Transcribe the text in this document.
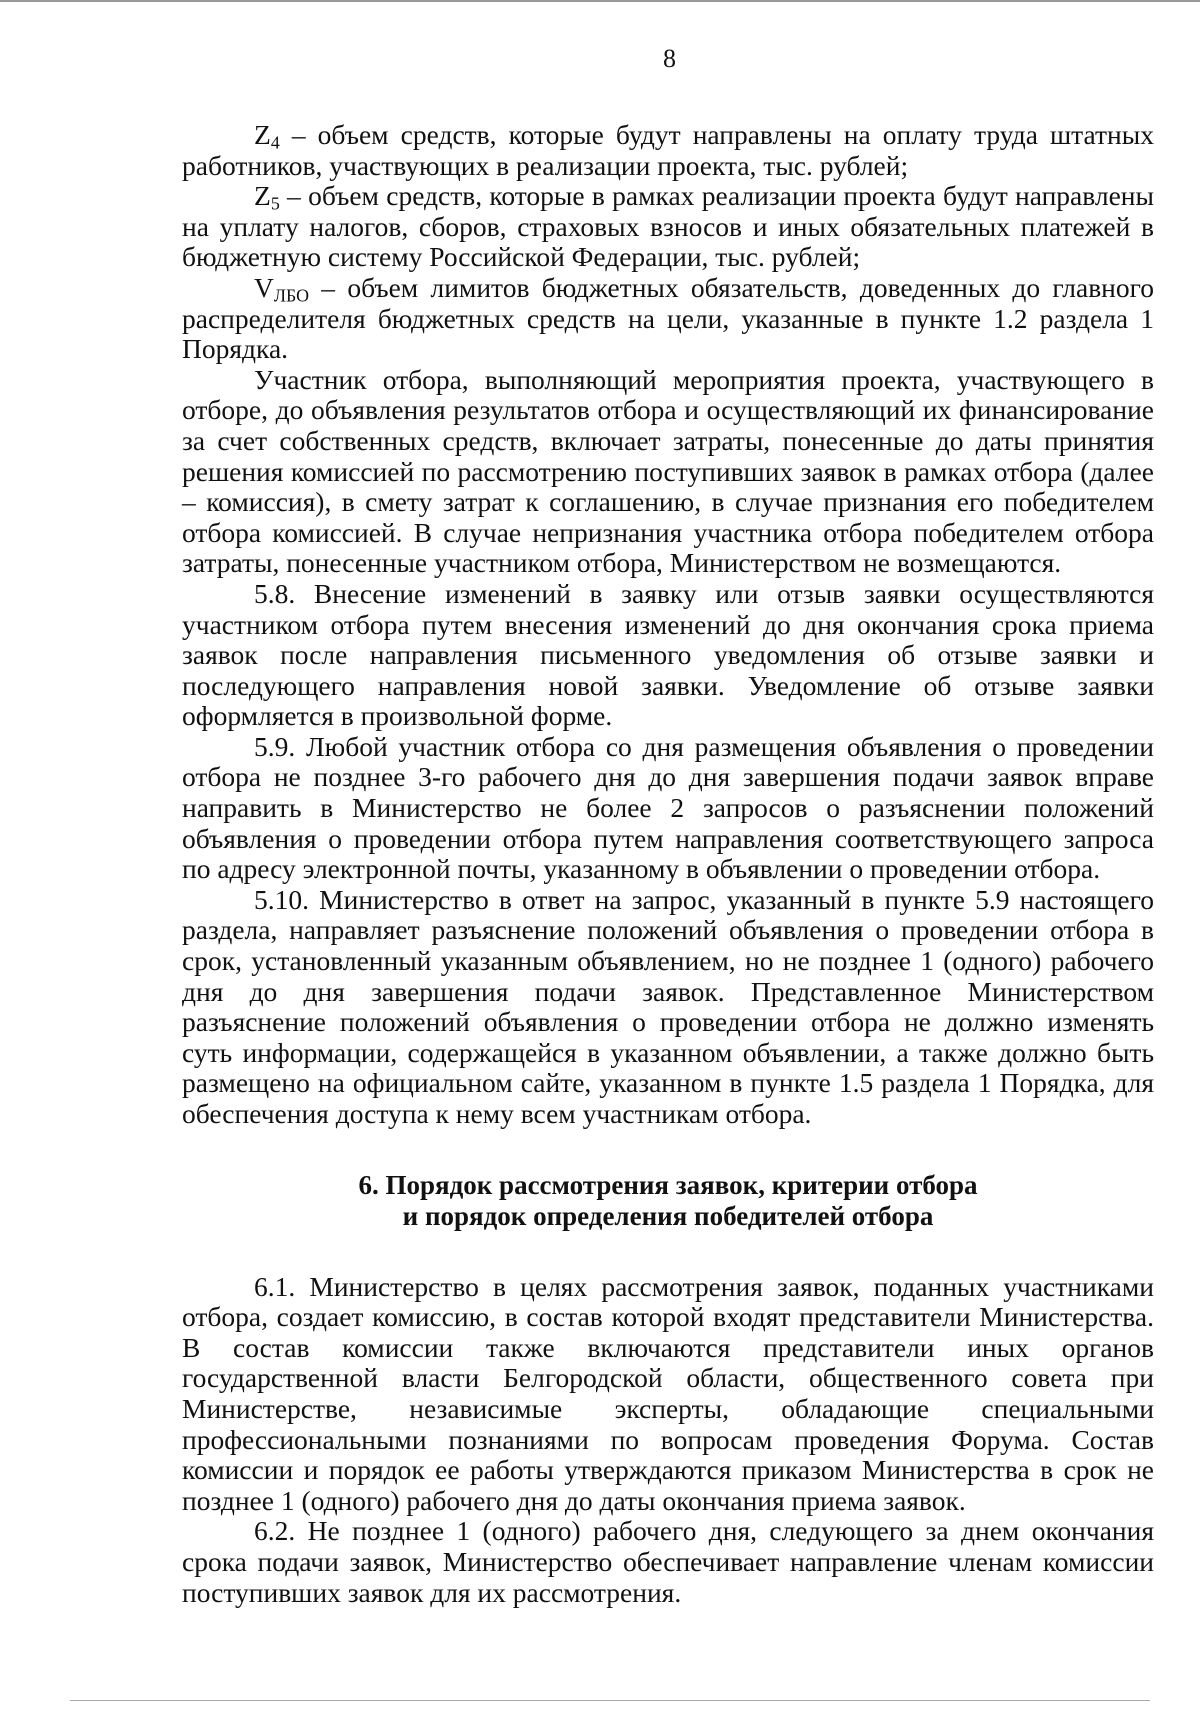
8

$Z_4$ – объем средств, которые будут направлены на оплату труда штатных работников, участвующих в реализации проекта, тыс. рублей;

$Z_5$ – объем средств, которые в рамках реализации проекта будут направлены на уплату налогов, сборов, страховых взносов и иных обязательных платежей в бюджетную систему Российской Федерации, тыс. рублей;

$V_{ЛБО}$ – объем лимитов бюджетных обязательств, доведенных до главного распределителя бюджетных средств на цели, указанные в пункте 1.2 раздела 1 Порядка.

Участник отбора, выполняющий мероприятия проекта, участвующего в отборе, до объявления результатов отбора и осуществляющий их финансирование за счет собственных средств, включает затраты, понесенные до даты принятия решения комиссией по рассмотрению поступивших заявок в рамках отбора (далее – комиссия), в смету затрат к соглашению, в случае признания его победителем отбора комиссией. В случае непризнания участника отбора победителем отбора затраты, понесенные участником отбора, Министерством не возмещаются.

5.8. Внесение изменений в заявку или отзыв заявки осуществляются участником отбора путем внесения изменений до дня окончания срока приема заявок после направления письменного уведомления об отзыве заявки и последующего направления новой заявки. Уведомление об отзыве заявки оформляется в произвольной форме.

5.9. Любой участник отбора со дня размещения объявления о проведении отбора не позднее 3-го рабочего дня до дня завершения подачи заявок вправе направить в Министерство не более 2 запросов о разъяснении положений объявления о проведении отбора путем направления соответствующего запроса по адресу электронной почты, указанному в объявлении о проведении отбора.

5.10. Министерство в ответ на запрос, указанный в пункте 5.9 настоящего раздела, направляет разъяснение положений объявления о проведении отбора в срок, установленный указанным объявлением, но не позднее 1 (одного) рабочего дня до дня завершения подачи заявок. Представленное Министерством разъяснение положений объявления о проведении отбора не должно изменять суть информации, содержащейся в указанном объявлении, а также должно быть размещено на официальном сайте, указанном в пункте 1.5 раздела 1 Порядка, для обеспечения доступа к нему всем участникам отбора.

6. Порядок рассмотрения заявок, критерии отбора
и порядок определения победителей отбора

6.1. Министерство в целях рассмотрения заявок, поданных участниками отбора, создает комиссию, в состав которой входят представители Министерства. В состав комиссии также включаются представители иных органов государственной власти Белгородской области, общественного совета при Министерстве, независимые эксперты, обладающие специальными профессиональными познаниями по вопросам проведения Форума. Состав комиссии и порядок ее работы утверждаются приказом Министерства в срок не позднее 1 (одного) рабочего дня до даты окончания приема заявок.

6.2. Не позднее 1 (одного) рабочего дня, следующего за днем окончания срока подачи заявок, Министерство обеспечивает направление членам комиссии поступивших заявок для их рассмотрения.
